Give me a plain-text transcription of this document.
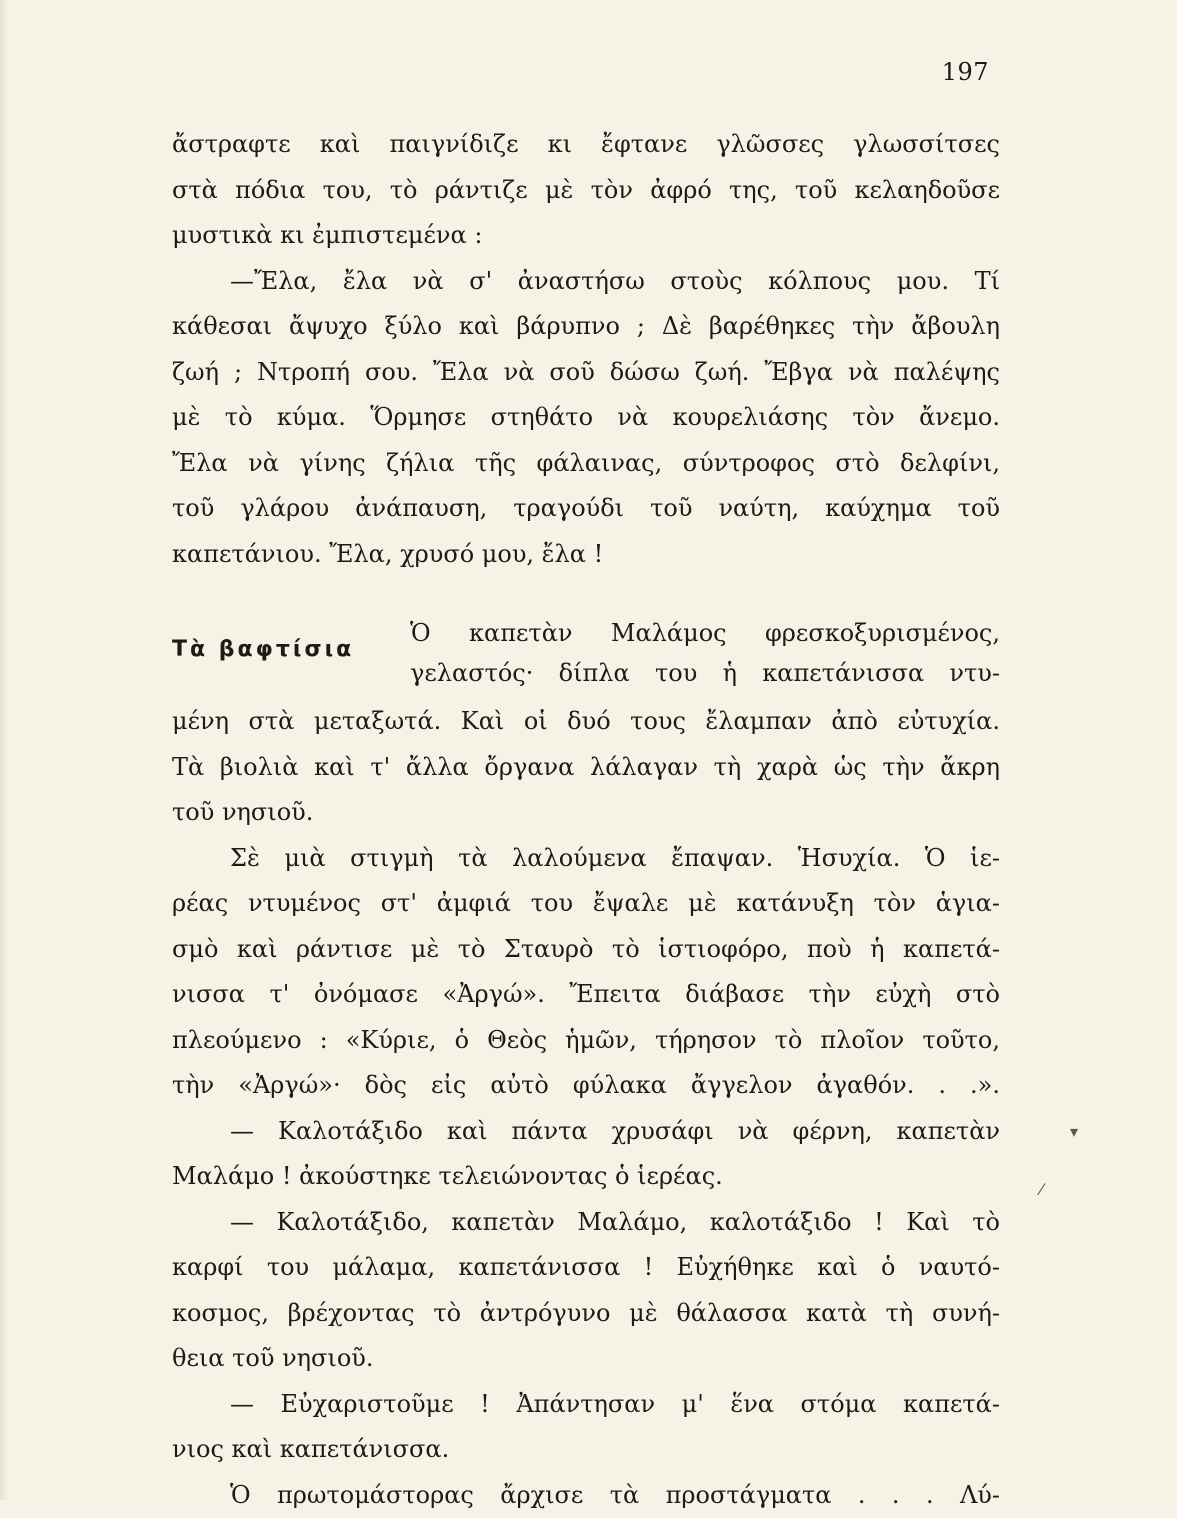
197
ἄστραφτε καὶ παιγνίδιζε κι ἔφτανε γλῶσσες γλωσσίτσες
στὰ πόδια του, τὸ ράντιζε μὲ τὸν ἀφρό της, τοῦ κελαηδοῦσε
μυστικὰ κι ἐμπιστεμένα :
—Ἔλα, ἔλα νὰ σ' ἀναστήσω στοὺς κόλπους μου. Τί
κάθεσαι ἄψυχο ξύλο καὶ βάρυπνο ; Δὲ βαρέθηκες τὴν ἄβουλη
ζωή ; Ντροπή σου. Ἔλα νὰ σοῦ δώσω ζωή. Ἔβγα νὰ παλέψης
μὲ τὸ κύμα. Ὅρμησε στηθάτο νὰ κουρελιάσης τὸν ἄνεμο.
Ἔλα νὰ γίνης ζήλια τῆς φάλαινας, σύντροφος στὸ δελφίνι,
τοῦ γλάρου ἀνάπαυση, τραγούδι τοῦ ναύτη, καύχημα τοῦ
καπετάνιου. Ἔλα, χρυσό μου, ἔλα !
Τὰ βαφτίσια
Ὁ καπετὰν Μαλάμος φρεσκοξυρισμένος,
γελαστός· δίπλα του ἡ καπετάνισσα ντυ-
μένη στὰ μεταξωτά. Καὶ οἱ δυό τους ἔλαμπαν ἀπὸ εὐτυχία.
Τὰ βιολιὰ καὶ τ' ἄλλα ὄργανα λάλαγαν τὴ χαρὰ ὡς τὴν ἄκρη
τοῦ νησιοῦ.
Σὲ μιὰ στιγμὴ τὰ λαλούμενα ἔπαψαν. Ἡσυχία. Ὁ ἱε-
ρέας ντυμένος στ' ἀμφιά του ἔψαλε μὲ κατάνυξη τὸν ἁγια-
σμὸ καὶ ράντισε μὲ τὸ Σταυρὸ τὸ ἱστιοφόρο, ποὺ ἡ καπετά-
νισσα τ' ὀνόμασε «Ἀργώ». Ἔπειτα διάβασε τὴν εὐχὴ στὸ
πλεούμενο : «Κύριε, ὁ Θεὸς ἡμῶν, τήρησον τὸ πλοῖον τοῦτο,
τὴν «Ἀργώ»· δὸς εἰς αὐτὸ φύλακα ἄγγελον ἀγαθόν. . .».
— Καλοτάξιδο καὶ πάντα χρυσάφι νὰ φέρνη, καπετὰν
Μαλάμο ! ἀκούστηκε τελειώνοντας ὁ ἱερέας.
— Καλοτάξιδο, καπετὰν Μαλάμο, καλοτάξιδο ! Καὶ τὸ
καρφί του μάλαμα, καπετάνισσα ! Εὐχήθηκε καὶ ὁ ναυτό-
κοσμος, βρέχοντας τὸ ἀντρόγυνο μὲ θάλασσα κατὰ τὴ συνή-
θεια τοῦ νησιοῦ.
— Εὐχαριστοῦμε ! Ἀπάντησαν μ' ἕνα στόμα καπετά-
νιος καὶ καπετάνισσα.
Ὁ πρωτομάστορας ἄρχισε τὰ προστάγματα . . . Λύ-
▾
⁄
